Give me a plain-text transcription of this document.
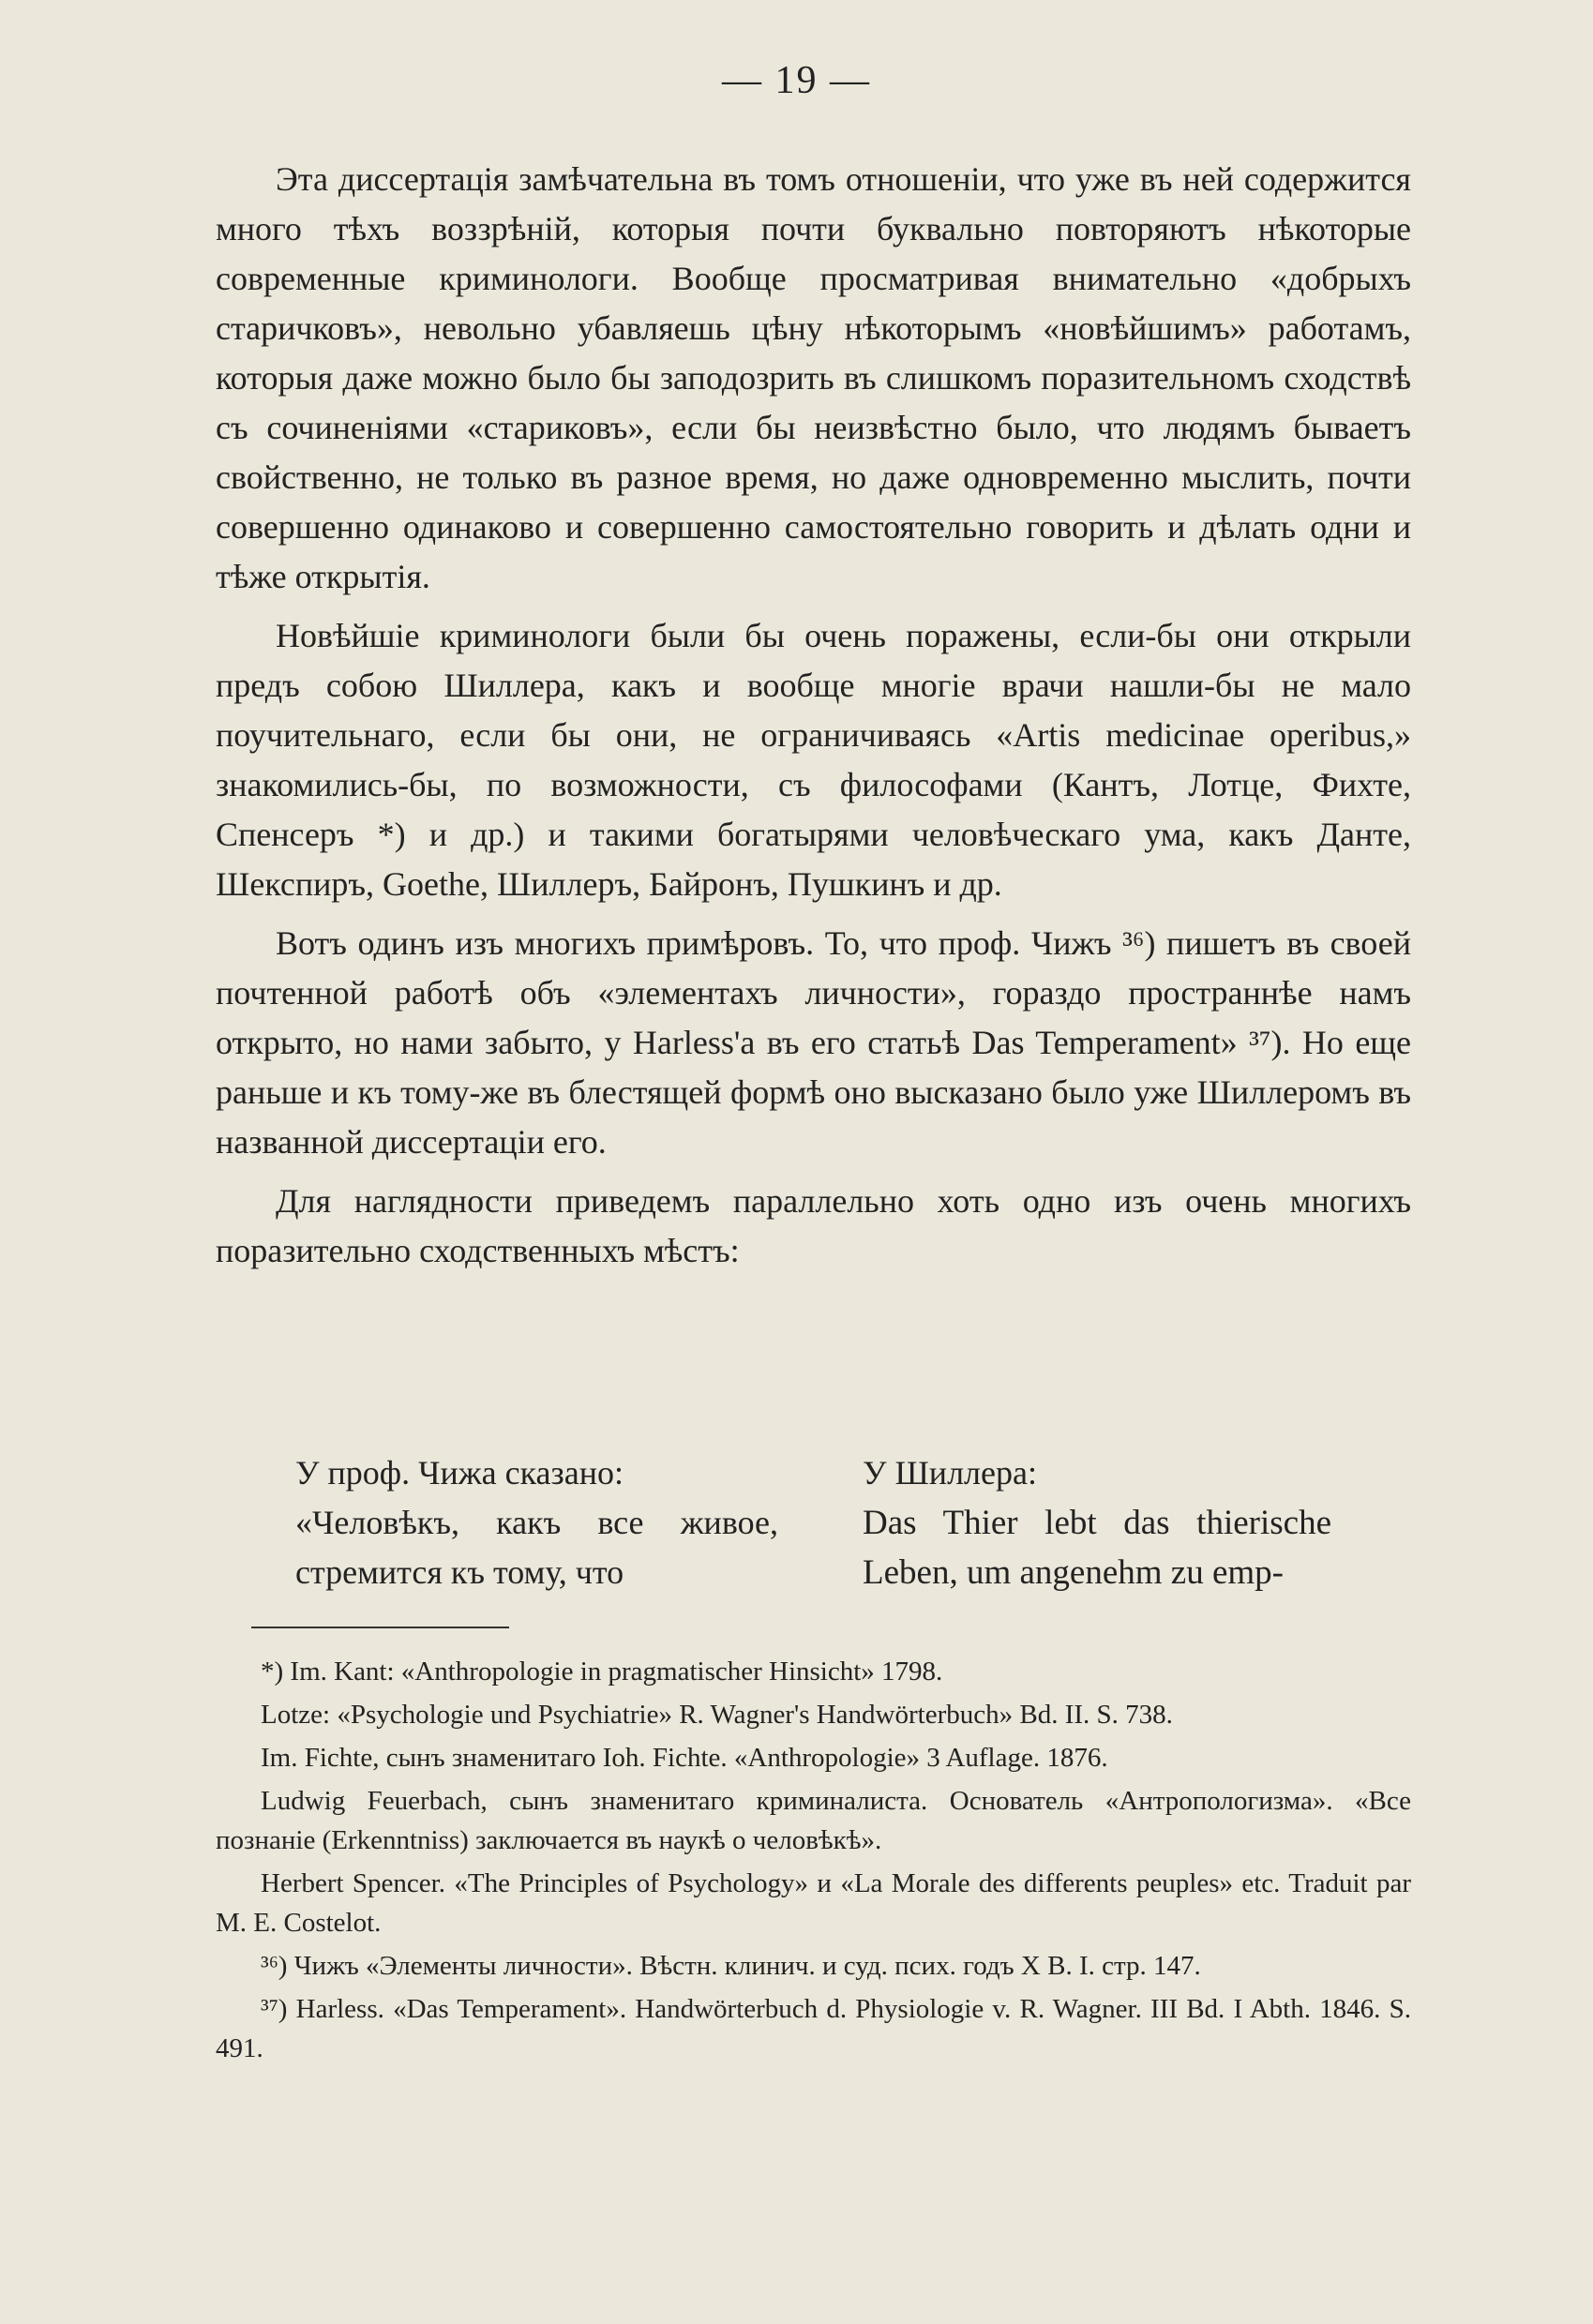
— 19 —

Эта диссертація замѣчательна въ томъ отношеніи, что уже въ ней содержится много тѣхъ воззрѣній, которыя почти буквально повторяютъ нѣкоторые современные криминологи. Вообще просматривая внимательно «добрыхъ старичковъ», невольно убавляешь цѣну нѣкоторымъ «новѣйшимъ» работамъ, которыя даже можно было бы заподозрить въ слишкомъ поразительномъ сходствѣ съ сочиненіями «стариковъ», если бы неизвѣстно было, что людямъ бываетъ свойственно, не только въ разное время, но даже одновременно мыслить, почти совершенно одинаково и совершенно самостоятельно говорить и дѣлать одни и тѣже открытія.

Новѣйшіе криминологи были бы очень поражены, если-бы они открыли предъ собою Шиллера, какъ и вообще многіе врачи нашли-бы не мало поучительнаго, если бы они, не ограничиваясь «Artis medicinae operibus,» знакомились-бы, по возможности, съ философами (Кантъ, Лотце, Фихте, Спенсеръ *) и др.) и такими богатырями человѣческаго ума, какъ Данте, Шекспиръ, Goethe, Шиллеръ, Байронъ, Пушкинъ и др.

Вотъ одинъ изъ многихъ примѣровъ. То, что проф. Чижъ ³⁶) пишетъ въ своей почтенной работѣ объ «элементахъ личности», гораздо пространнѣе намъ открыто, но нами забыто, у Harless'а въ его статьѣ Das Temperament» ³⁷). Но еще раньше и къ тому-же въ блестящей формѣ оно высказано было уже Шиллеромъ въ названной диссертаціи его.

Для наглядности приведемъ параллельно хоть одно изъ очень многихъ поразительно сходственныхъ мѣстъ:

У проф. Чижа сказано:
«Человѣкъ, какъ все живое, стремится къ тому, что
У Шиллера:
Das Thier lebt das thierische Leben, um angenehm zu emp-

*) Im. Kant: «Anthropologie in pragmatischer Hinsicht» 1798.

Lotze: «Psychologie und Psychiatrie» R. Wagner's Handwörterbuch» Bd. II. S. 738.

Im. Fichte, сынъ знаменитаго Ioh. Fichte. «Anthropologie» 3 Auflage. 1876.

Ludwig Feuerbach, сынъ знаменитаго криминалиста. Основатель «Антропологизма». «Все познаніе (Erkenntniss) заключается въ наукѣ о человѣкѣ».

Herbert Spencer. «The Principles of Psychology» и «La Morale des differents peuples» etc. Traduit par M. E. Costelot.

³⁶) Чижъ «Элементы личности». Вѣстн. клинич. и суд. псих. годъ X В. I. стр. 147.

³⁷) Harless. «Das Temperament». Handwörterbuch d. Physiologie v. R. Wagner. III Bd. I Abth. 1846. S. 491.
